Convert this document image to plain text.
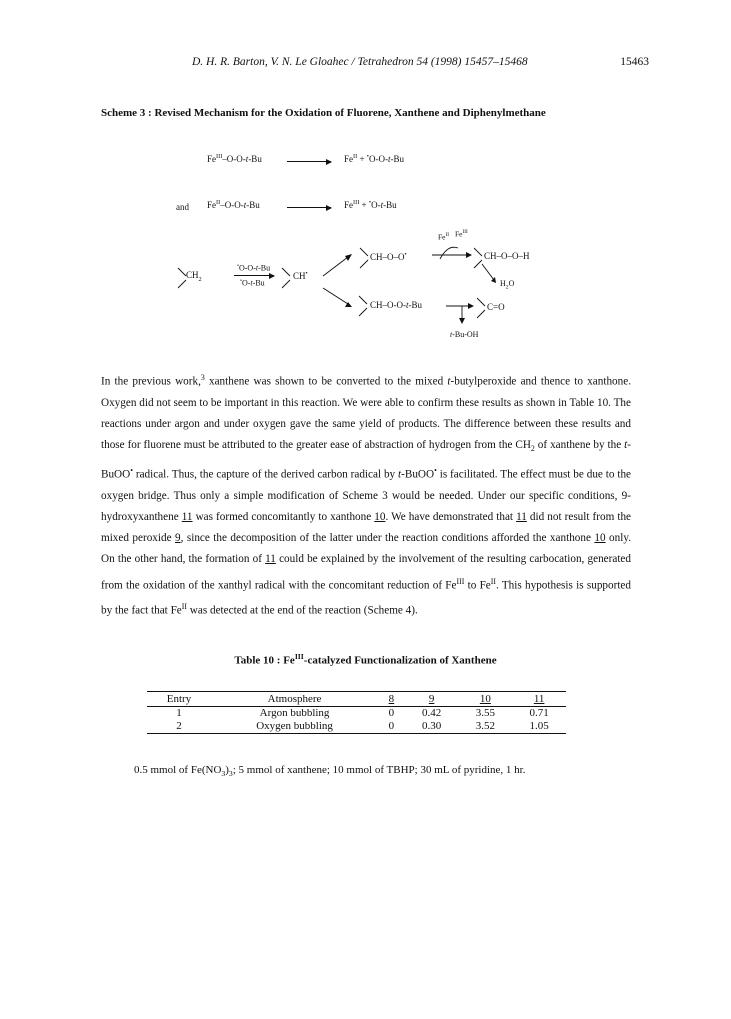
D. H. R. Barton, V. N. Le Gloahec / Tetrahedron 54 (1998) 15457–15468	15463
Scheme 3 : Revised Mechanism for the Oxidation of Fluorene, Xanthene and Diphenylmethane
$Fe^{III}-O-O-t-Bu$	$Fe^{II} + ^•O-O-t-Bu$
and $Fe^{II}-O-O-t-Bu$	$Fe^{III} + ^•O-t-Bu$
$CH_2$
•O-O-t-Bu
•O-t-Bu
CH•
CH–O–O•
$Fe^{II}$ $Fe^{III}$
CH–O–O–H
$H_2O$
CH–O-O-t-Bu	C=O
t-Bu-OH
In the previous work,$^3$ xanthene was shown to be converted to the mixed t-butylperoxide and thence to xanthone. Oxygen did not seem to be important in this reaction. We were able to confirm these results as shown in Table 10. The reactions under argon and under oxygen gave the same yield of products. The difference between these results and those for fluorene must be attributed to the greater ease of abstraction of hydrogen from the $CH_2$ of xanthene by the t-BuOO• radical. Thus, the capture of the derived carbon radical by t-BuOO• is facilitated. The effect must be due to the oxygen bridge. Thus only a simple modification of Scheme 3 would be needed. Under our specific conditions, 9-hydroxyxanthene 11 was formed concomitantly to xanthone 10. We have demonstrated that 11 did not result from the mixed peroxide 9, since the decomposition of the latter under the reaction conditions afforded the xanthone 10 only. On the other hand, the formation of 11 could be explained by the involvement of the resulting carbocation, generated from the oxidation of the xanthyl radical with the concomitant reduction of $Fe^{III}$ to $Fe^{II}$. This hypothesis is supported by the fact that $Fe^{II}$ was detected at the end of the reaction (Scheme 4).
Table 10 : $Fe^{III}$-catalyzed Functionalization of Xanthene
Entry	Atmosphere	8	9	10	11
1	Argon bubbling	0	0.42	3.55	0.71
2	Oxygen bubbling	0	0.30	3.52	1.05
0.5 mmol of $Fe(NO_3)_3$; 5 mmol of xanthene; 10 mmol of TBHP; 30 mL of pyridine, 1 hr.
